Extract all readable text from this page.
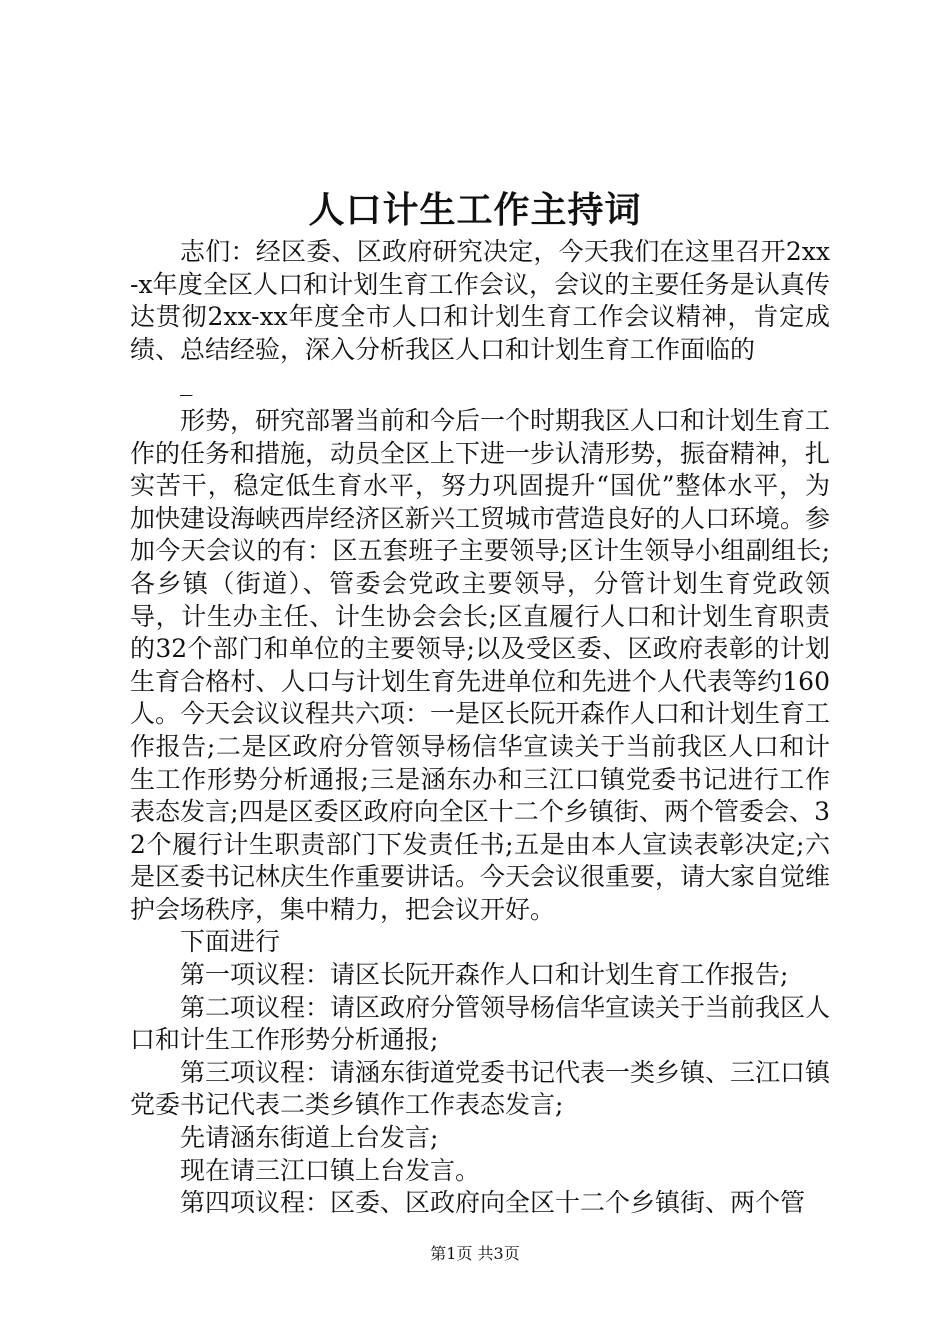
人口计生工作主持词

志们：经区委、区政府研究决定，今天我们在这里召开2xx-x年度全区人口和计划生育工作会议，会议的主要任务是认真传达贯彻2xx-xx年度全市人口和计划生育工作会议精神，肯定成绩、总结经验，深入分析我区人口和计划生育工作面临的

_

形势，研究部署当前和今后一个时期我区人口和计划生育工作的任务和措施，动员全区上下进一步认清形势，振奋精神，扎实苦干，稳定低生育水平，努力巩固提升“国优”整体水平，为加快建设海峡西岸经济区新兴工贸城市营造良好的人口环境。参加今天会议的有：区五套班子主要领导;区计生领导小组副组长;各乡镇（街道）、管委会党政主要领导，分管计划生育党政领导，计生办主任、计生协会会长;区直履行人口和计划生育职责的32个部门和单位的主要领导;以及受区委、区政府表彰的计划生育合格村、人口与计划生育先进单位和先进个人代表等约160人。今天会议议程共六项：一是区长阮开森作人口和计划生育工作报告;二是区政府分管领导杨信华宣读关于当前我区人口和计生工作形势分析通报;三是涵东办和三江口镇党委书记进行工作表态发言;四是区委区政府向全区十二个乡镇街、两个管委会、32个履行计生职责部门下发责任书;五是由本人宣读表彰决定;六是区委书记林庆生作重要讲话。今天会议很重要，请大家自觉维护会场秩序，集中精力，把会议开好。

下面进行

第一项议程：请区长阮开森作人口和计划生育工作报告;

第二项议程：请区政府分管领导杨信华宣读关于当前我区人口和计生工作形势分析通报;

第三项议程：请涵东街道党委书记代表一类乡镇、三江口镇党委书记代表二类乡镇作工作表态发言;

先请涵东街道上台发言;

现在请三江口镇上台发言。

第四项议程：区委、区政府向全区十二个乡镇街、两个管

第1页 共3页
